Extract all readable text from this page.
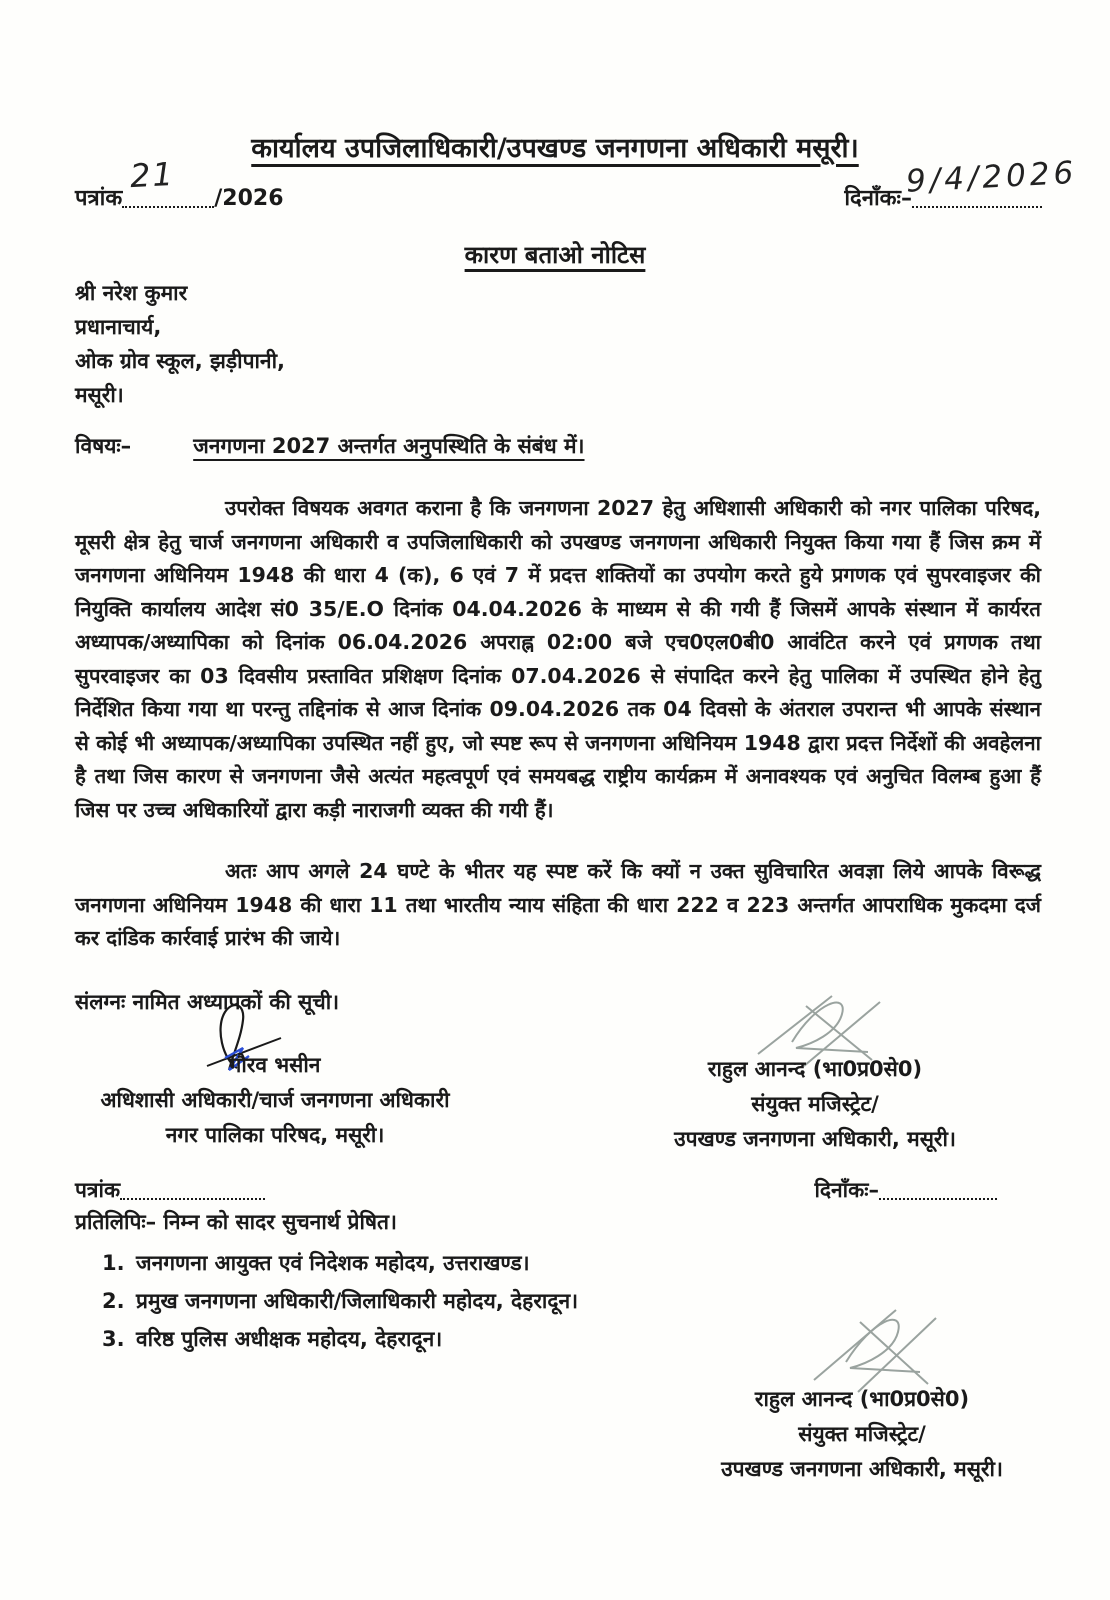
कार्यालय उपजिलाधिकारी/उपखण्ड जनगणना अधिकारी मसूरी।
पत्रांक
21
/2026	दिनाँकः–
9/4/2026
कारण बताओ नोटिस
श्री नरेश कुमार
प्रधानाचार्य,
ओक ग्रोव स्कूल, झड़ीपानी,
मसूरी।
विषयः–	जनगणना 2027 अन्तर्गत अनुपस्थिति के संबंध में।

उपरोक्त विषयक अवगत कराना है कि जनगणना 2027 हेतु अधिशासी अधिकारी को नगर पालिका परिषद, मूसरी क्षेत्र हेतु चार्ज जनगणना अधिकारी व उपजिलाधिकारी को उपखण्ड जनगणना अधिकारी नियुक्त किया गया हैं जिस क्रम में जनगणना अधिनियम 1948 की धारा 4 (क), 6 एवं 7 में प्रदत्त शक्तियों का उपयोग करते हुये प्रगणक एवं सुपरवाइजर की नियुक्ति कार्यालय आदेश सं0 35/E.O दिनांक 04.04.2026 के माध्यम से की गयी हैं जिसमें आपके संस्थान में कार्यरत अध्यापक/अध्यापिका को दिनांक 06.04.2026 अपराह्न 02:00 बजे एच0एल0बी0 आवंटित करने एवं प्रगणक तथा सुपरवाइजर का 03 दिवसीय प्रस्तावित प्रशिक्षण दिनांक 07.04.2026 से संपादित करने हेतु पालिका में उपस्थित होने हेतु निर्देशित किया गया था परन्तु तद्दिनांक से आज दिनांक 09.04.2026 तक 04 दिवसो के अंतराल उपरान्त भी आपके संस्थान से कोई भी अध्यापक/अध्यापिका उपस्थित नहीं हुए, जो स्पष्ट रूप से जनगणना अधिनियम 1948 द्वारा प्रदत्त निर्देशों की अवहेलना है तथा जिस कारण से जनगणना जैसे अत्यंत महत्वपूर्ण एवं समयबद्ध राष्ट्रीय कार्यक्रम में अनावश्यक एवं अनुचित विलम्ब हुआ हैं जिस पर उच्च अधिकारियों द्वारा कड़ी नाराजगी व्यक्त की गयी हैं।

अतः आप अगले 24 घण्टे के भीतर यह स्पष्ट करें कि क्यों न उक्त सुविचारित अवज्ञा लिये आपके विरूद्ध जनगणना अधिनियम 1948 की धारा 11 तथा भारतीय न्याय संहिता की धारा 222 व 223 अन्तर्गत आपराधिक मुकदमा दर्ज कर दांडिक कार्रवाई प्रारंभ की जाये।

संलग्नः नामित अध्यापकों की सूची।
गौरव भसीन
अधिशासी अधिकारी/चार्ज जनगणना अधिकारी
नगर पालिका परिषद, मसूरी।
राहुल आनन्द (भा0प्र0से0)
संयुक्त मजिस्ट्रेट/
उपखण्ड जनगणना अधिकारी, मसूरी।
पत्रांक	दिनाँकः–
प्रतिलिपिः– निम्न को सादर सुचनार्थ प्रेषित।
1. जनगणना आयुक्त एवं निदेशक महोदय, उत्तराखण्ड।
2. प्रमुख जनगणना अधिकारी/जिलाधिकारी महोदय, देहरादून।
3. वरिष्ठ पुलिस अधीक्षक महोदय, देहरादून।
राहुल आनन्द (भा0प्र0से0)
संयुक्त मजिस्ट्रेट/
उपखण्ड जनगणना अधिकारी, मसूरी।
